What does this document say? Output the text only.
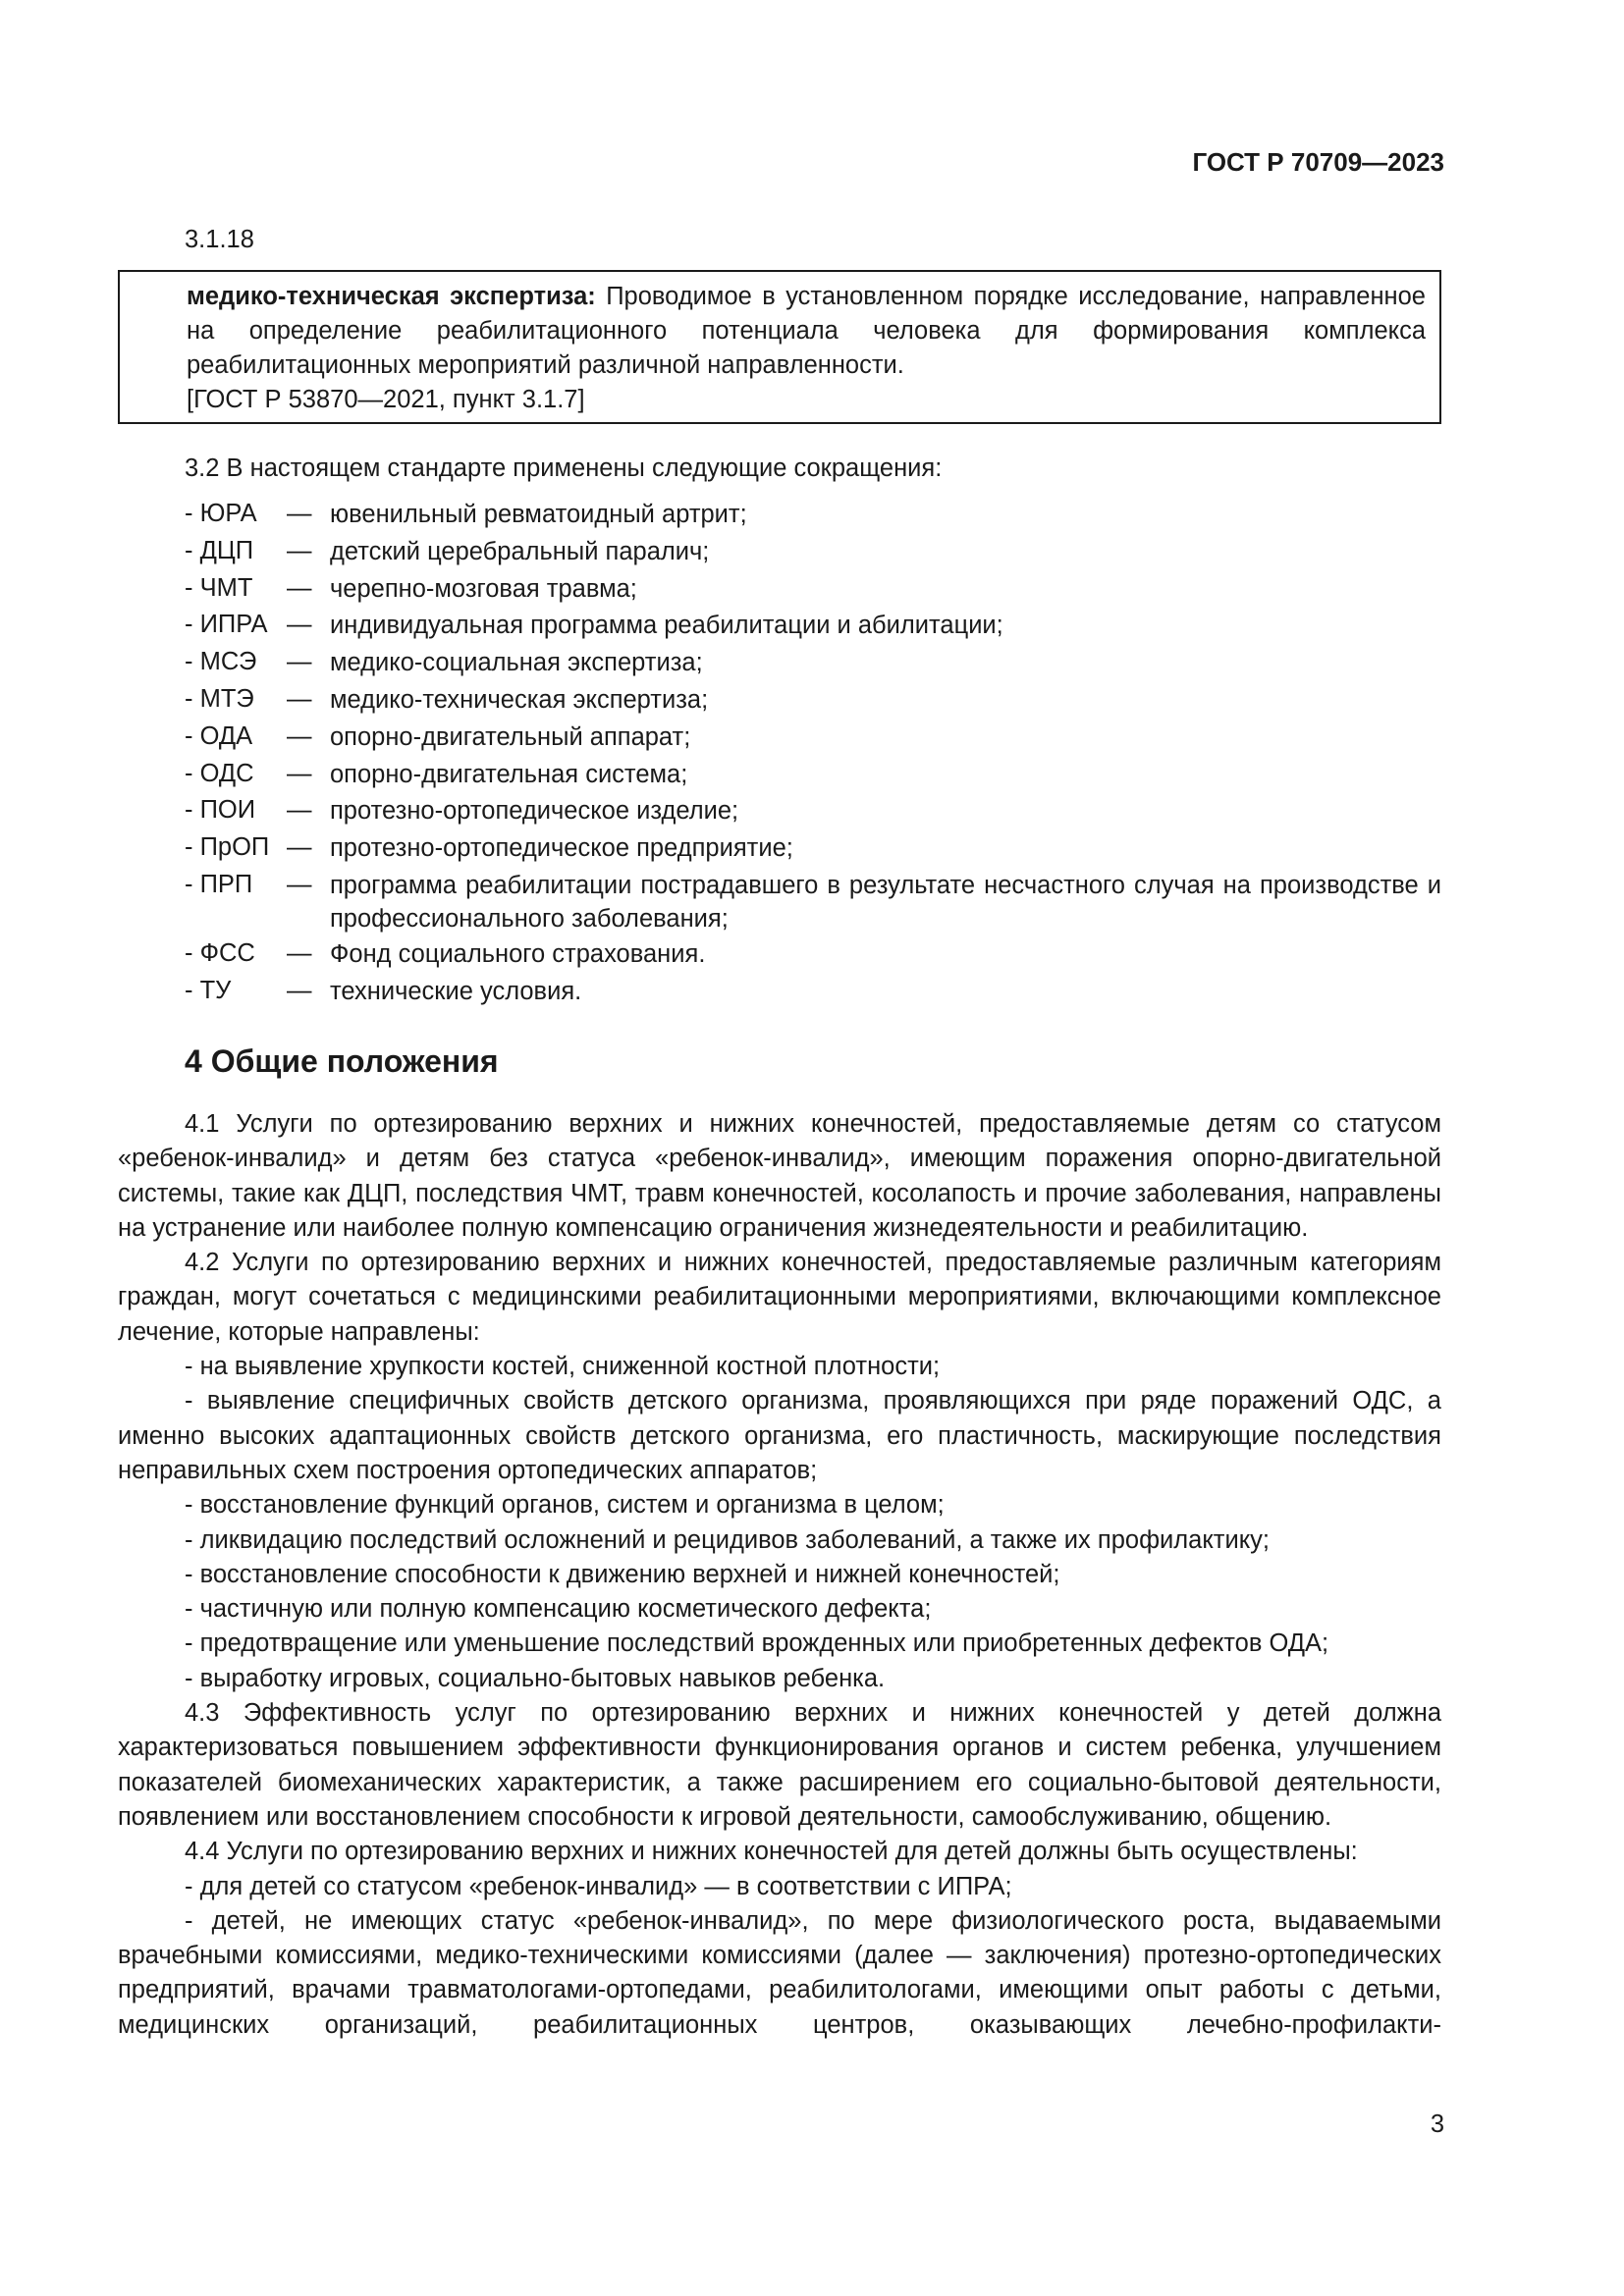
ГОСТ Р 70709—2023
3.1.18
медико-техническая экспертиза: Проводимое в установленном порядке исследование, направленное на определение реабилитационного потенциала человека для формирования комплекса реабилитационных мероприятий различной направленности.
[ГОСТ Р 53870—2021, пункт 3.1.7]
3.2 В настоящем стандарте применены следующие сокращения:
- ЮРА	— ювенильный ревматоидный артрит;
- ДЦП	— детский церебральный паралич;
- ЧМТ	— черепно-мозговая травма;
- ИПРА — индивидуальная программа реабилитации и абилитации;
- МСЭ	— медико-социальная экспертиза;
- МТЭ	— медико-техническая экспертиза;
- ОДА	— опорно-двигательный аппарат;
- ОДС	— опорно-двигательная система;
- ПОИ	— протезно-ортопедическое изделие;
- ПрОП — протезно-ортопедическое предприятие;
- ПРП	— программа реабилитации пострадавшего в результате несчастного случая на производстве и профессионального заболевания;
- ФСС	— Фонд социального страхования.
- ТУ	— технические условия.
4 Общие положения

4.1 Услуги по ортезированию верхних и нижних конечностей, предоставляемые детям со статусом «ребенок-инвалид» и детям без статуса «ребенок-инвалид», имеющим поражения опорно-двигательной системы, такие как ДЦП, последствия ЧМТ, травм конечностей, косолапость и прочие заболевания, направлены на устранение или наиболее полную компенсацию ограничения жизнедеятельности и реабилитацию.

4.2 Услуги по ортезированию верхних и нижних конечностей, предоставляемые различным категориям граждан, могут сочетаться с медицинскими реабилитационными мероприятиями, включающими комплексное лечение, которые направлены:

- на выявление хрупкости костей, сниженной костной плотности;

- выявление специфичных свойств детского организма, проявляющихся при ряде поражений ОДС, а именно высоких адаптационных свойств детского организма, его пластичность, маскирующие последствия неправильных схем построения ортопедических аппаратов;

- восстановление функций органов, систем и организма в целом;

- ликвидацию последствий осложнений и рецидивов заболеваний, а также их профилактику;

- восстановление способности к движению верхней и нижней конечностей;

- частичную или полную компенсацию косметического дефекта;

- предотвращение или уменьшение последствий врожденных или приобретенных дефектов ОДА;

- выработку игровых, социально-бытовых навыков ребенка.

4.3 Эффективность услуг по ортезированию верхних и нижних конечностей у детей должна характеризоваться повышением эффективности функционирования органов и систем ребенка, улучшением показателей биомеханических характеристик, а также расширением его социально-бытовой деятельности, появлением или восстановлением способности к игровой деятельности, самообслуживанию, общению.

4.4 Услуги по ортезированию верхних и нижних конечностей для детей должны быть осуществлены:

- для детей со статусом «ребенок-инвалид» — в соответствии с ИПРА;

- детей, не имеющих статус «ребенок-инвалид», по мере физиологического роста, выдаваемыми врачебными комиссиями, медико-техническими комиссиями (далее — заключения) протезно-ортопедических предприятий, врачами травматологами-ортопедами, реабилитологами, имеющими опыт работы с детьми, медицинских организаций, реабилитационных центров, оказывающих лечебно-профилакти-

3
